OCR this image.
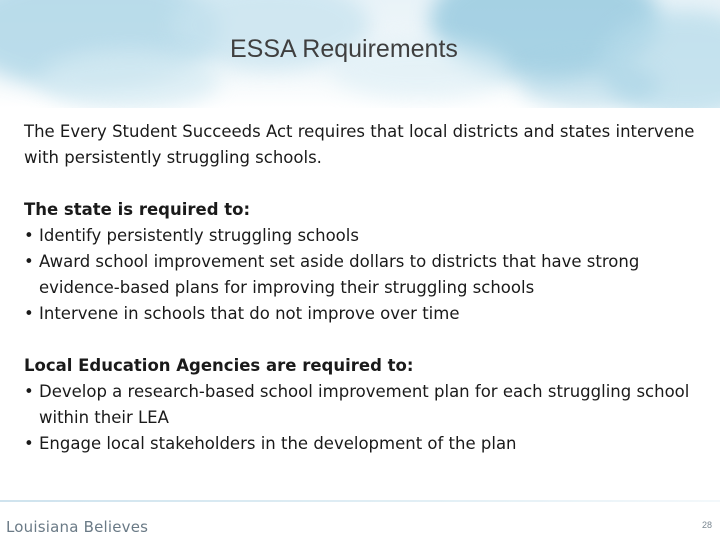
ESSA Requirements

The Every Student Succeeds Act requires that local districts and states intervene with persistently struggling schools.

The state is required to:

• Identify persistently struggling schools
• Award school improvement set aside dollars to districts that have strong evidence-based plans for improving their struggling schools
• Intervene in schools that do not improve over time

Local Education Agencies are required to:

• Develop a research-based school improvement plan for each struggling school within their LEA
• Engage local stakeholders in the development of the plan
Louisiana Believes	28
